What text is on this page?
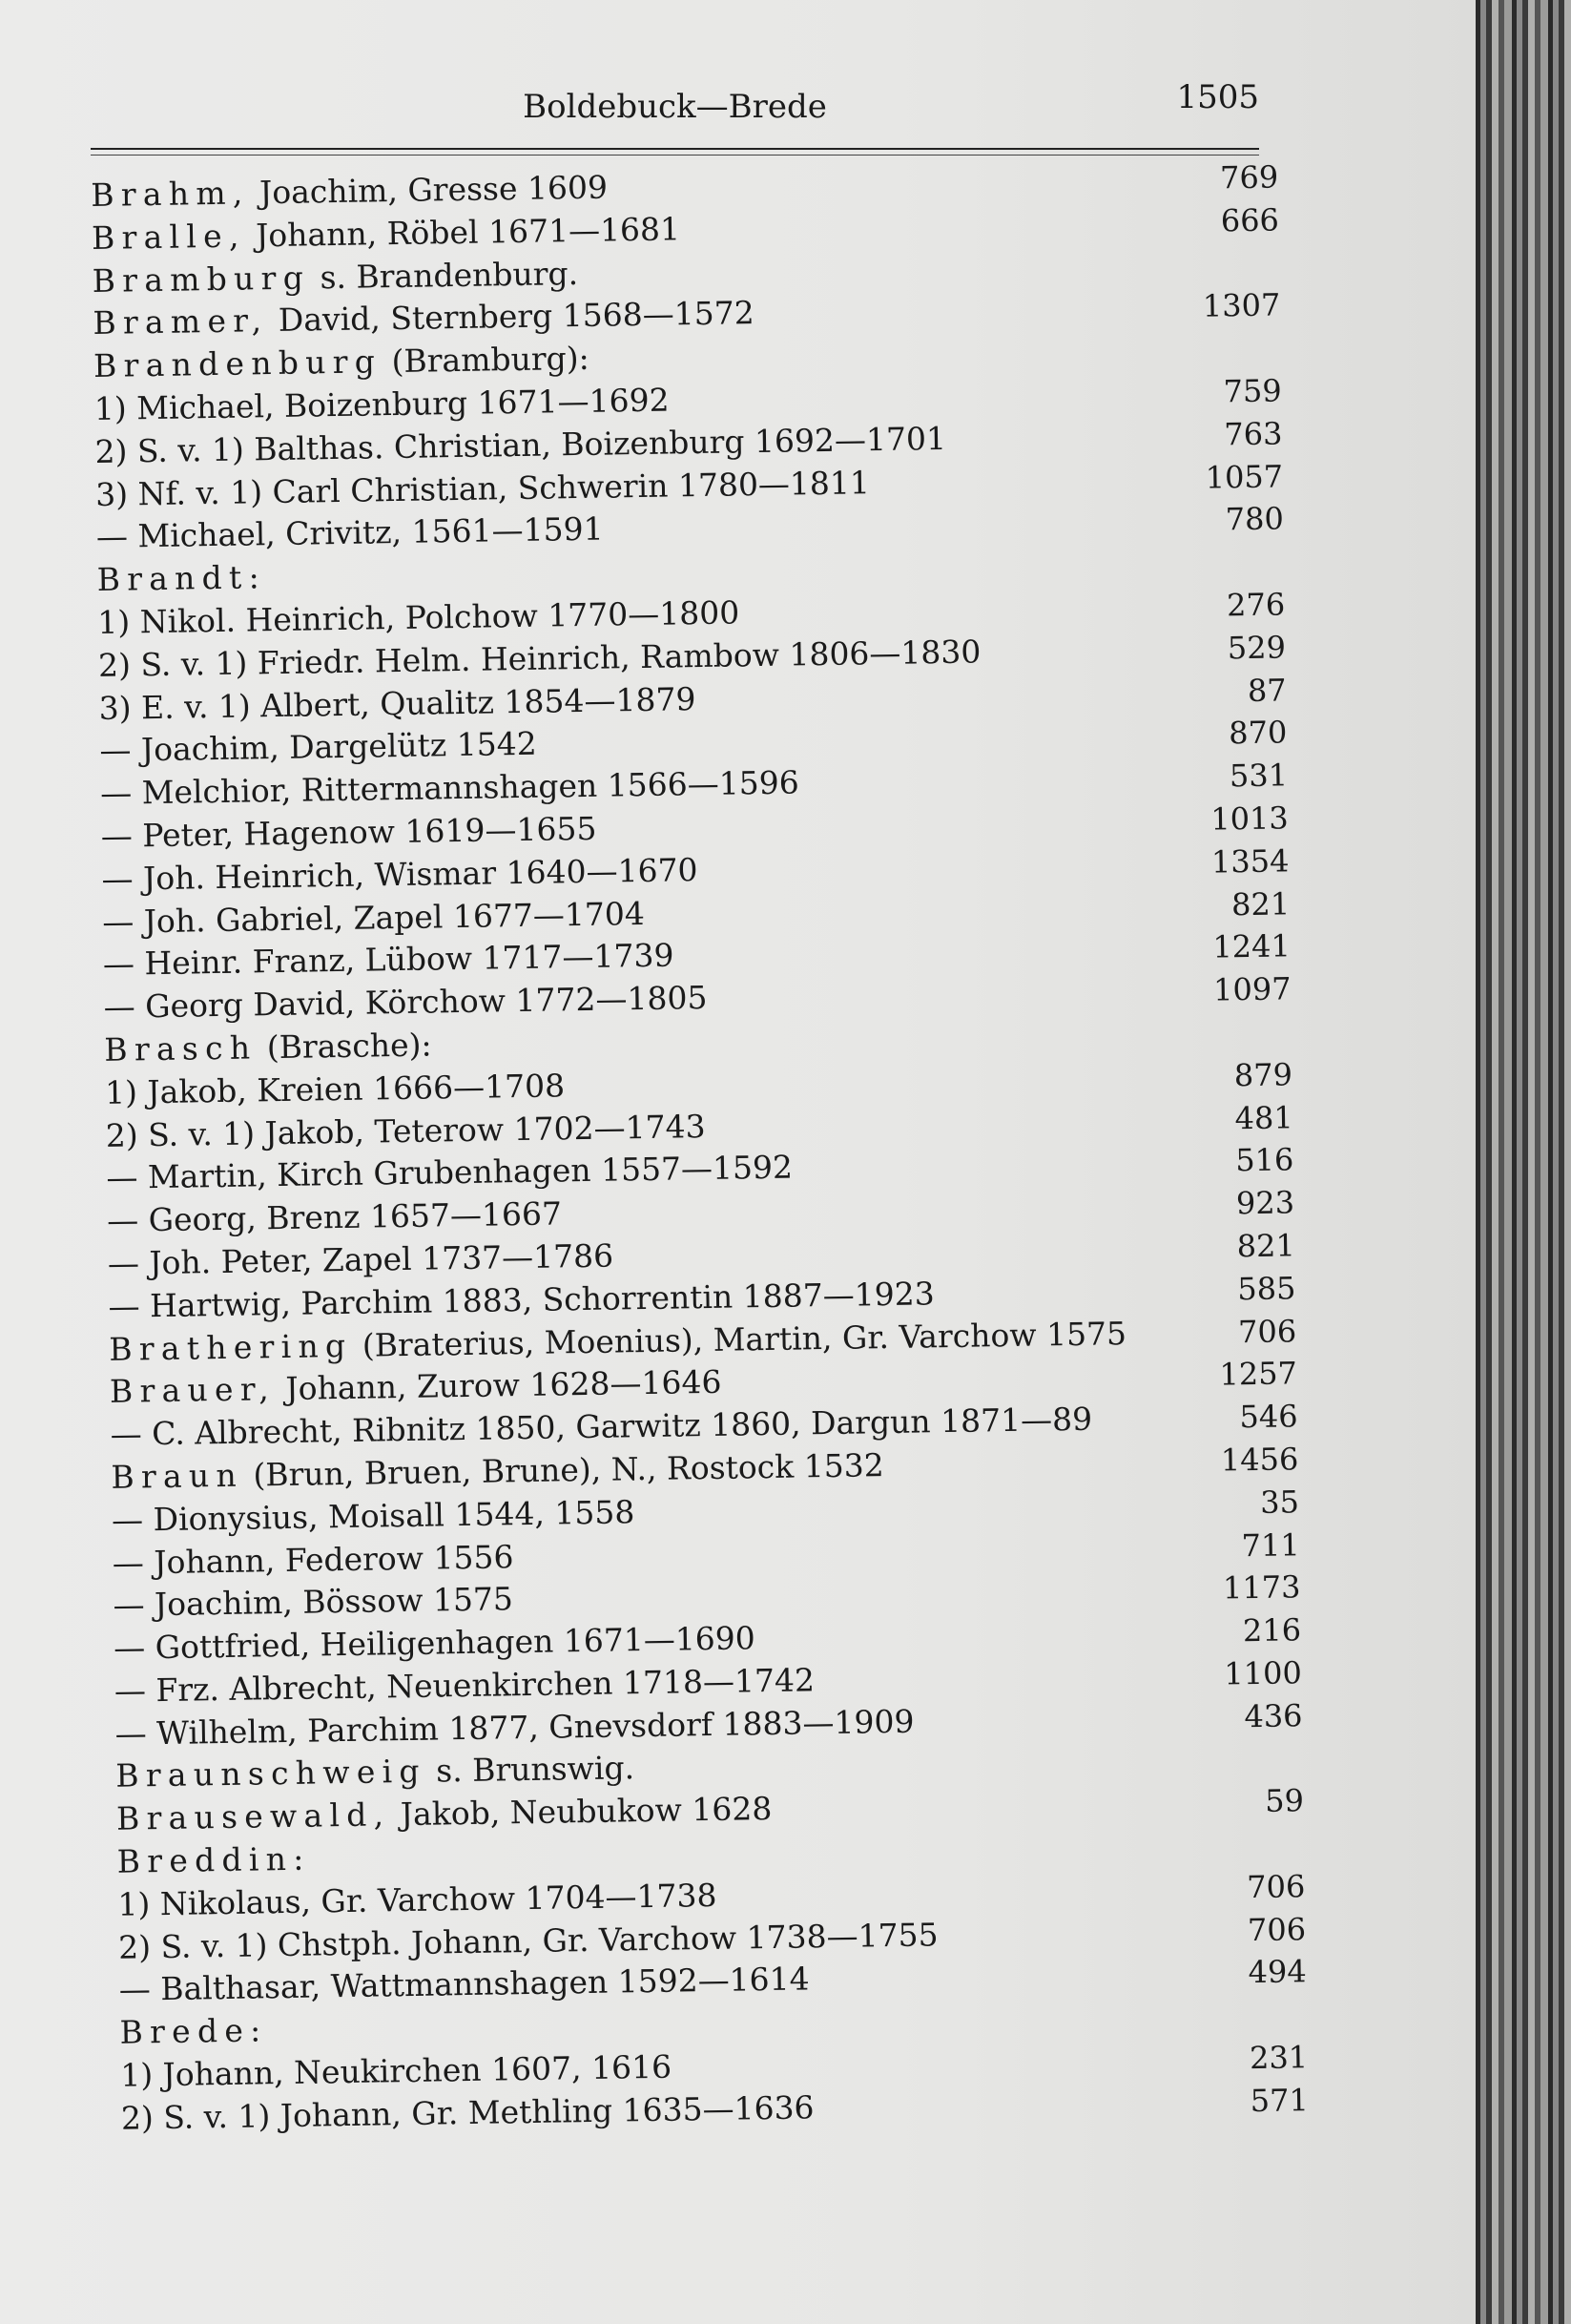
Boldebuck—Brede	1505
Brahm, Joachim, Gresse 1609	769
Bralle, Johann, Röbel 1671—1681	666
Bramburg s. Brandenburg.
Bramer, David, Sternberg 1568—1572	1307
Brandenburg (Bramburg):
1) Michael, Boizenburg 1671—1692	759
2) S. v. 1) Balthas. Christian, Boizenburg 1692—1701	763
3) Nf. v. 1) Carl Christian, Schwerin 1780—1811	1057
— Michael, Crivitz, 1561—1591	780
Brandt:
1) Nikol. Heinrich, Polchow 1770—1800	276
2) S. v. 1) Friedr. Helm. Heinrich, Rambow 1806—1830	529
3) E. v. 1) Albert, Qualitz 1854—1879	87
— Joachim, Dargelütz 1542	870
— Melchior, Rittermannshagen 1566—1596	531
— Peter, Hagenow 1619—1655	1013
— Joh. Heinrich, Wismar 1640—1670	1354
— Joh. Gabriel, Zapel 1677—1704	821
— Heinr. Franz, Lübow 1717—1739	1241
— Georg David, Körchow 1772—1805	1097
Brasch (Brasche):
1) Jakob, Kreien 1666—1708	879
2) S. v. 1) Jakob, Teterow 1702—1743	481
— Martin, Kirch Grubenhagen 1557—1592	516
— Georg, Brenz 1657—1667	923
— Joh. Peter, Zapel 1737—1786	821
— Hartwig, Parchim 1883, Schorrentin 1887—1923	585
Brathering (Braterius, Moenius), Martin, Gr. Varchow 1575	706
Brauer, Johann, Zurow 1628—1646	1257
— C. Albrecht, Ribnitz 1850, Garwitz 1860, Dargun 1871—89	546
Braun (Brun, Bruen, Brune), N., Rostock 1532	1456
— Dionysius, Moisall 1544, 1558	35
— Johann, Federow 1556	711
— Joachim, Bössow 1575	1173
— Gottfried, Heiligenhagen 1671—1690	216
— Frz. Albrecht, Neuenkirchen 1718—1742	1100
— Wilhelm, Parchim 1877, Gnevsdorf 1883—1909	436
Braunschweig s. Brunswig.
Brausewald, Jakob, Neubukow 1628	59
Breddin:
1) Nikolaus, Gr. Varchow 1704—1738	706
2) S. v. 1) Chstph. Johann, Gr. Varchow 1738—1755	706
— Balthasar, Wattmannshagen 1592—1614	494
Brede:
1) Johann, Neukirchen 1607, 1616	231
2) S. v. 1) Johann, Gr. Methling 1635—1636	571
